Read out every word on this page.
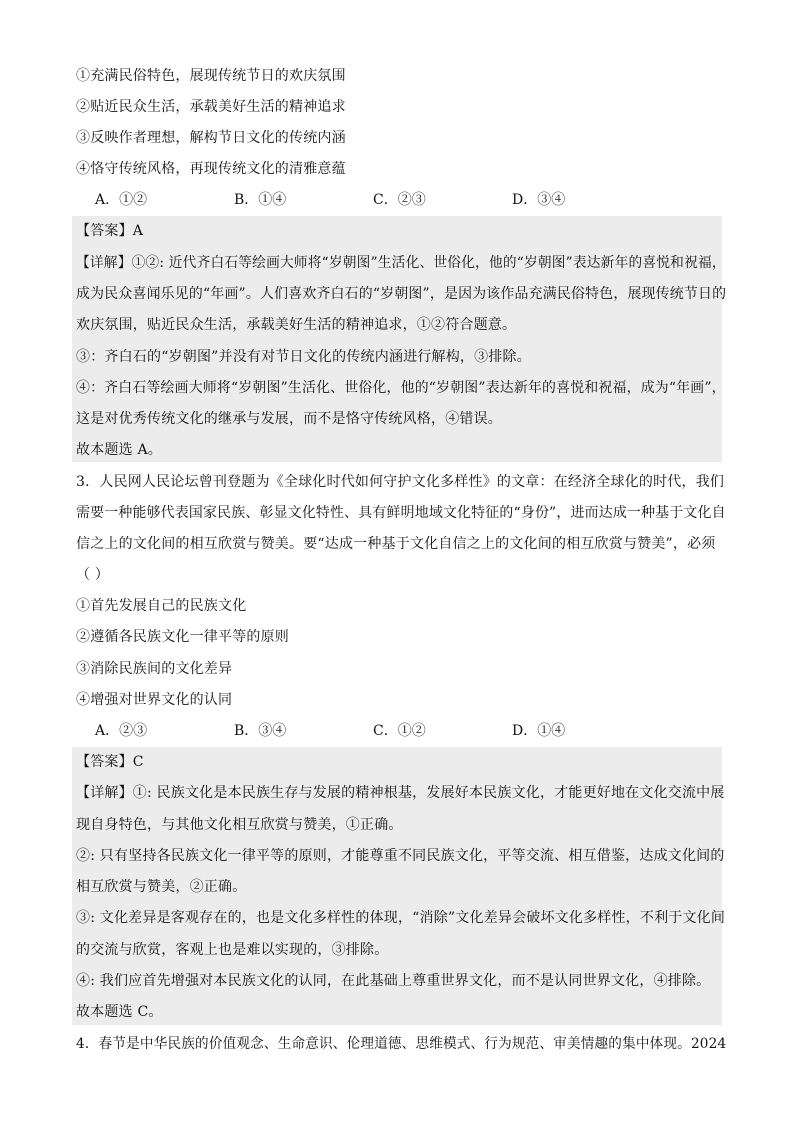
①充满民俗特色，展现传统节日的欢庆氛围
②贴近民众生活，承载美好生活的精神追求
③反映作者理想，解构节日文化的传统内涵
④恪守传统风格，再现传统文化的清雅意蕴
A．①②	B．①④	C．②③	D．③④
【答案】A
【详解】①②: 近代齐白石等绘画大师将“岁朝图”生活化、世俗化，他的“岁朝图”表达新年的喜悦和祝福，
成为民众喜闻乐见的“年画”。人们喜欢齐白石的“岁朝图”，是因为该作品充满民俗特色，展现传统节日的
欢庆氛围，贴近民众生活，承载美好生活的精神追求，①②符合题意。
③：齐白石的“岁朝图”并没有对节日文化的传统内涵进行解构，③排除。
④：齐白石等绘画大师将“岁朝图”生活化、世俗化，他的“岁朝图”表达新年的喜悦和祝福，成为“年画”，
这是对优秀传统文化的继承与发展，而不是恪守传统风格，④错误。
故本题选 A。
3．人民网人民论坛曾刊登题为《全球化时代如何守护文化多样性》的文章：在经济全球化的时代，我们
需要一种能够代表国家民族、彰显文化特性、具有鲜明地域文化特征的“身份”，进而达成一种基于文化自
信之上的文化间的相互欣赏与赞美。要“达成一种基于文化自信之上的文化间的相互欣赏与赞美”，必须
（ ）
①首先发展自己的民族文化
②遵循各民族文化一律平等的原则
③消除民族间的文化差异
④增强对世界文化的认同
A．②③	B．③④	C．①②	D．①④
【答案】C
【详解】①: 民族文化是本民族生存与发展的精神根基，发展好本民族文化，才能更好地在文化交流中展
现自身特色，与其他文化相互欣赏与赞美，①正确。
②: 只有坚持各民族文化一律平等的原则，才能尊重不同民族文化，平等交流、相互借鉴，达成文化间的
相互欣赏与赞美，②正确。
③: 文化差异是客观存在的，也是文化多样性的体现，“消除”文化差异会破坏文化多样性，不利于文化间
的交流与欣赏，客观上也是难以实现的，③排除。
④: 我们应首先增强对本民族文化的认同，在此基础上尊重世界文化，而不是认同世界文化，④排除。
故本题选 C。
4．春节是中华民族的价值观念、生命意识、伦理道德、思维模式、行为规范、审美情趣的集中体现。2024
